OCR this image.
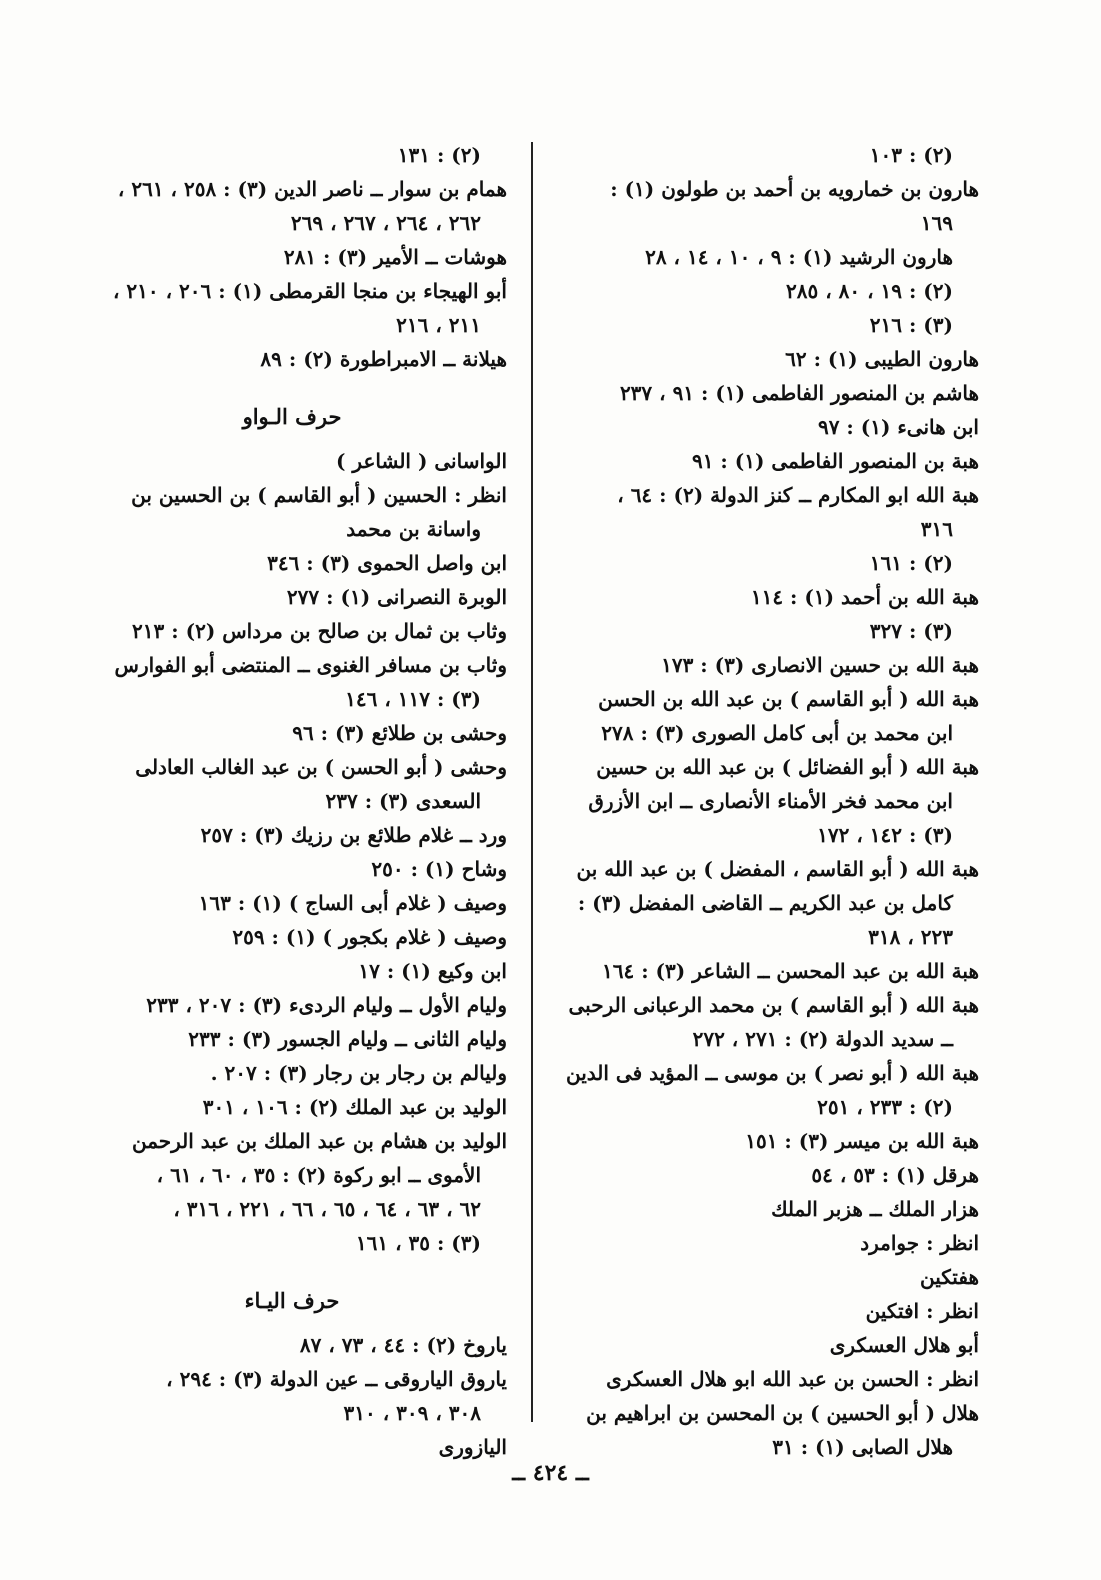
(٢) : ١٠٣
هارون بن خمارويه بن أحمد بن طولون (١) :
١٦٩
هارون الرشيد (١) : ٩ ، ١٠ ، ١٤ ، ٢٨
(٢) : ١٩ ، ٨٠ ، ٢٨٥
(٣) : ٢١٦
هارون الطيبى (١) : ٦٢
هاشم بن المنصور الفاطمى (١) : ٩١ ، ٢٣٧
ابن هانىء (١) : ٩٧
هبة بن المنصور الفاطمى (١) : ٩١
هبة الله ابو المكارم ــ كنز الدولة (٢) : ٦٤ ،
٣١٦
(٢) : ١٦١
هبة الله بن أحمد (١) : ١١٤
(٣) : ٣٢٧
هبة الله بن حسين الانصارى (٣) : ١٧٣
هبة الله ( أبو القاسم ) بن عبد الله بن الحسن
ابن محمد بن أبى كامل الصورى (٣) : ٢٧٨
هبة الله ( أبو الفضائل ) بن عبد الله بن حسين
ابن محمد فخر الأمناء الأنصارى ــ ابن الأزرق
(٣) : ١٤٢ ، ١٧٢
هبة الله ( أبو القاسم ، المفضل ) بن عبد الله بن
كامل بن عبد الكريم ــ القاضى المفضل (٣) :
٢٢٣ ، ٣١٨
هبة الله بن عبد المحسن ــ الشاعر (٣) : ١٦٤
هبة الله ( أبو القاسم ) بن محمد الرعبانى الرحبى
ــ سديد الدولة (٢) : ٢٧١ ، ٢٧٢
هبة الله ( أبو نصر ) بن موسى ــ المؤيد فى الدين
(٢) : ٢٣٣ ، ٢٥١
هبة الله بن ميسر (٣) : ١٥١
هرقل (١) : ٥٣ ، ٥٤
هزار الملك ــ هزبر الملك
انظر : جوامرد
هفتكين
انظر : افتكين
أبو هلال العسكرى
انظر : الحسن بن عبد الله ابو هلال العسكرى
هلال ( أبو الحسين ) بن المحسن بن ابراهيم بن
هلال الصابى (١) : ٣١
(٢) : ١٣١
همام بن سوار ــ ناصر الدين (٣) : ٢٥٨ ، ٢٦١ ،
٢٦٢ ، ٢٦٤ ، ٢٦٧ ، ٢٦٩
هوشات ــ الأمير (٣) : ٢٨١
أبو الهيجاء بن منجا القرمطى (١) : ٢٠٦ ، ٢١٠ ،
٢١١ ، ٢١٦
هيلانة ــ الامبراطورة (٢) : ٨٩
حرف الـواو
الواسانى ( الشاعر )
انظر : الحسين ( أبو القاسم ) بن الحسين بن
واسانة بن محمد
ابن واصل الحموى (٣) : ٣٤٦
الوبرة النصرانى (١) : ٢٧٧
وثاب بن ثمال بن صالح بن مرداس (٢) : ٢١٣
وثاب بن مسافر الغنوى ــ المنتضى أبو الفوارس
(٣) : ١١٧ ، ١٤٦
وحشى بن طلائع (٣) : ٩٦
وحشى ( أبو الحسن ) بن عبد الغالب العادلى
السعدى (٣) : ٢٣٧
ورد ــ غلام طلائع بن رزيك (٣) : ٢٥٧
وشاح (١) : ٢٥٠
وصيف ( غلام أبى الساج ) (١) : ١٦٣
وصيف ( غلام بكجور ) (١) : ٢٥٩
ابن وكيع (١) : ١٧
وليام الأول ــ وليام الردىء (٣) : ٢٠٧ ، ٢٣٣
وليام الثانى ــ وليام الجسور (٣) : ٢٣٣
وليالم بن رجار بن رجار (٣) : ٢٠٧ .
الوليد بن عبد الملك (٢) : ١٠٦ ، ٣٠١
الوليد بن هشام بن عبد الملك بن عبد الرحمن
الأموى ــ ابو ركوة (٢) : ٣٥ ، ٦٠ ، ٦١ ،
٦٢ ، ٦٣ ، ٦٤ ، ٦٥ ، ٦٦ ، ٢٢١ ، ٣١٦ ،
(٣) : ٣٥ ، ١٦١
حرف اليـاء
ياروخ (٢) : ٤٤ ، ٧٣ ، ٨٧
ياروق الياروقى ــ عين الدولة (٣) : ٢٩٤ ،
٣٠٨ ، ٣٠٩ ، ٣١٠
اليازورى
ــ ٤٢٤ ــ
